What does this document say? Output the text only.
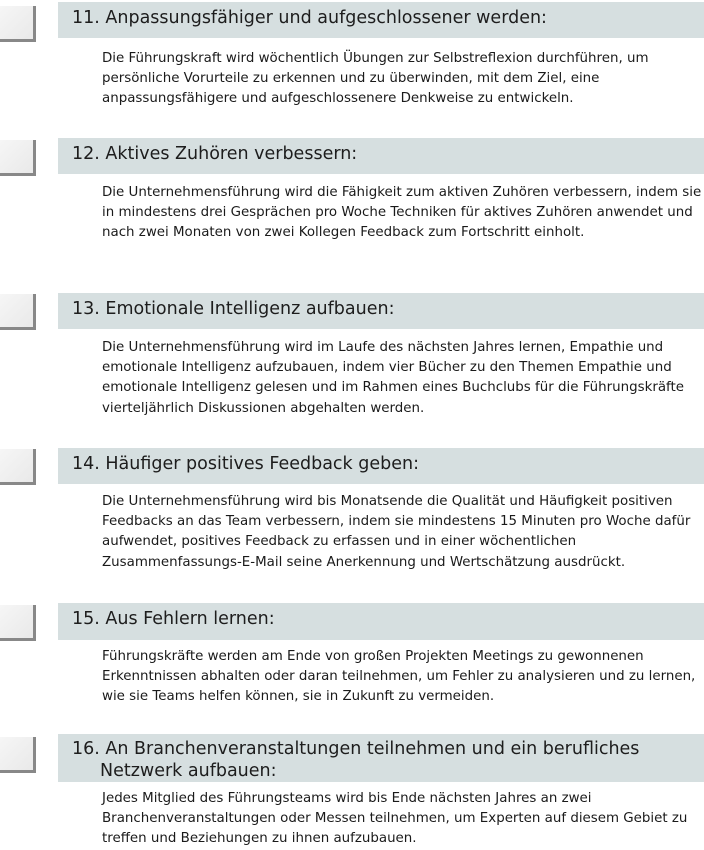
11. Anpassungsfähiger und aufgeschlossener werden:
Die Führungskraft wird wöchentlich Übungen zur Selbstreflexion durchführen, um persönliche Vorurteile zu erkennen und zu überwinden, mit dem Ziel, eine anpassungsfähigere und aufgeschlossenere Denkweise zu entwickeln.
12. Aktives Zuhören verbessern:
Die Unternehmensführung wird die Fähigkeit zum aktiven Zuhören verbessern, indem sie in mindestens drei Gesprächen pro Woche Techniken für aktives Zuhören anwendet und nach zwei Monaten von zwei Kollegen Feedback zum Fortschritt einholt.
13. Emotionale Intelligenz aufbauen:
Die Unternehmensführung wird im Laufe des nächsten Jahres lernen, Empathie und emotionale Intelligenz aufzubauen, indem vier Bücher zu den Themen Empathie und emotionale Intelligenz gelesen und im Rahmen eines Buchclubs für die Führungskräfte vierteljährlich Diskussionen abgehalten werden.
14. Häufiger positives Feedback geben:
Die Unternehmensführung wird bis Monatsende die Qualität und Häufigkeit positiven Feedbacks an das Team verbessern, indem sie mindestens 15 Minuten pro Woche dafür aufwendet, positives Feedback zu erfassen und in einer wöchentlichen Zusammenfassungs-E-Mail seine Anerkennung und Wertschätzung ausdrückt.
15. Aus Fehlern lernen:
Führungskräfte werden am Ende von großen Projekten Meetings zu gewonnenen Erkenntnissen abhalten oder daran teilnehmen, um Fehler zu analysieren und zu lernen, wie sie Teams helfen können, sie in Zukunft zu vermeiden.
16. An Branchenveranstaltungen teilnehmen und ein berufliches
Netzwerk aufbauen:
Jedes Mitglied des Führungsteams wird bis Ende nächsten Jahres an zwei Branchenveranstaltungen oder Messen teilnehmen, um Experten auf diesem Gebiet zu treffen und Beziehungen zu ihnen aufzubauen.
